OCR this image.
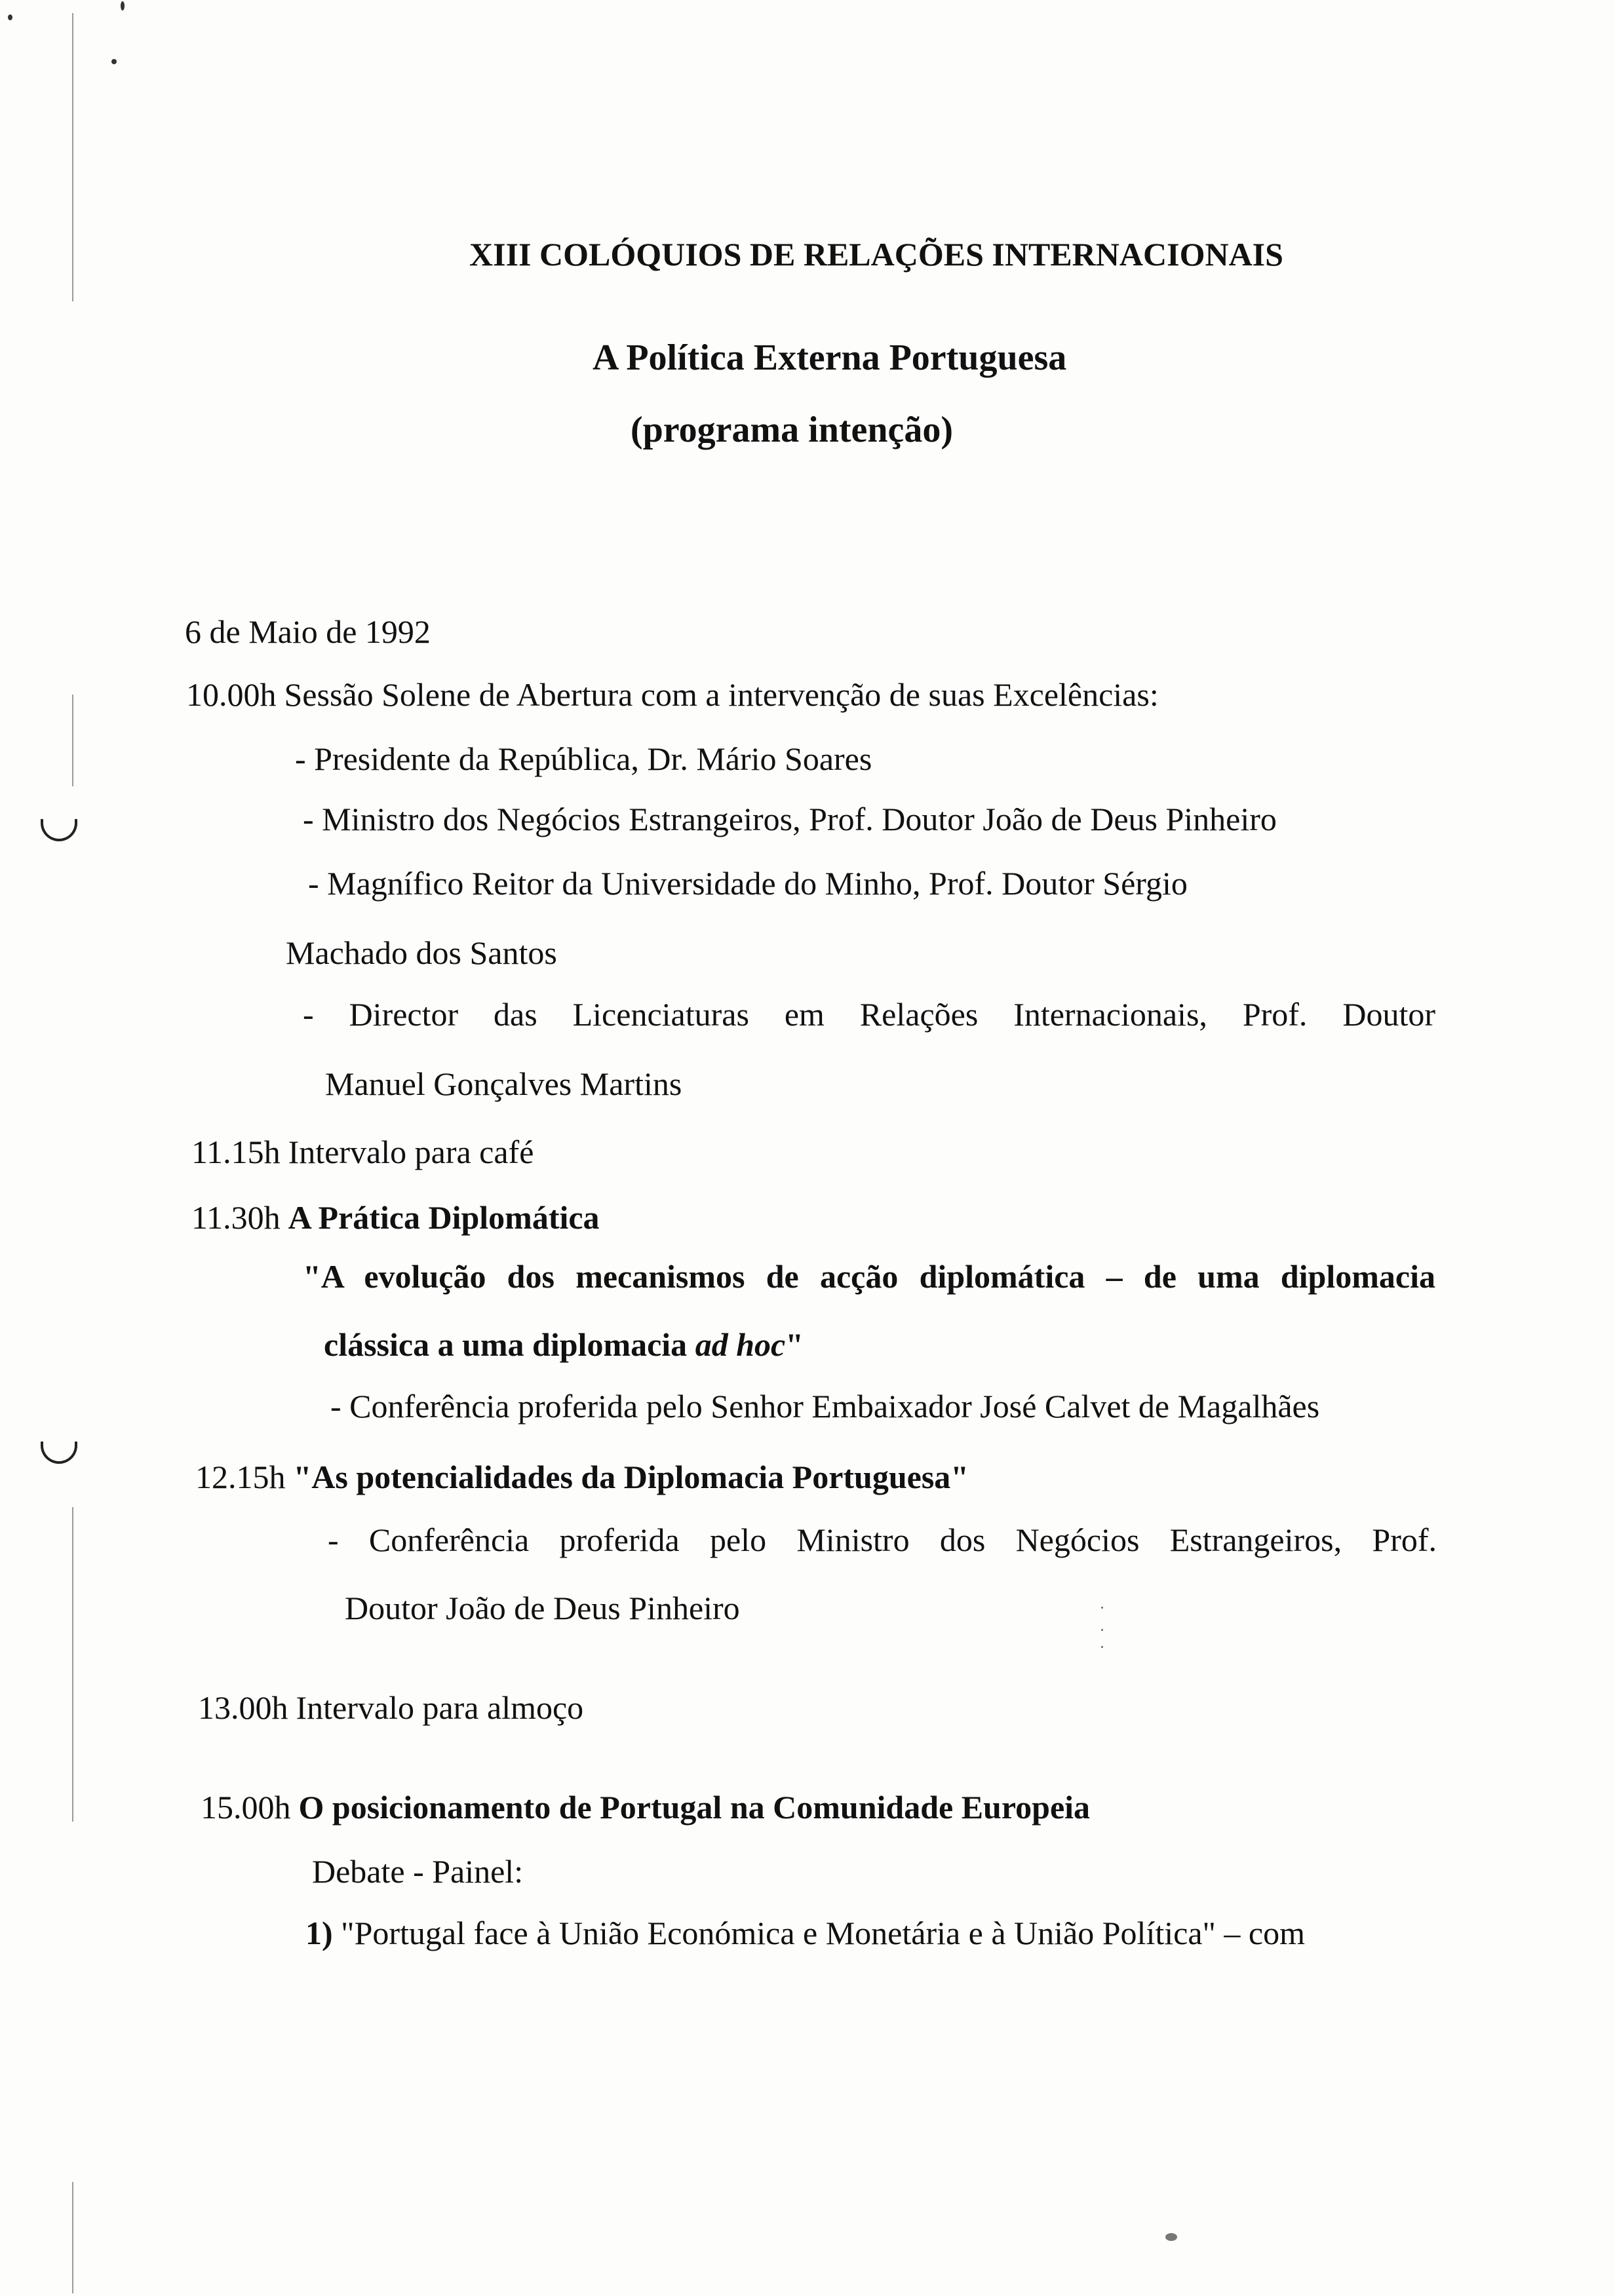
XIII COLÓQUIOS DE RELAÇÕES INTERNACIONAIS
A Política Externa Portuguesa
(programa intenção)
6 de Maio de 1992
10.00h Sessão Solene de Abertura com a intervenção de suas Excelências:
- Presidente da República, Dr. Mário Soares
- Ministro dos Negócios Estrangeiros, Prof. Doutor João de Deus Pinheiro
- Magnífico Reitor da Universidade do Minho, Prof. Doutor Sérgio
Machado dos Santos
- Director das Licenciaturas em Relações Internacionais, Prof. Doutor
Manuel Gonçalves Martins
11.15h Intervalo para café
11.30h A Prática Diplomática
"A evolução dos mecanismos de acção diplomática – de uma diplomacia
clássica a uma diplomacia ad hoc"
- Conferência proferida pelo Senhor Embaixador José Calvet de Magalhães
12.15h "As potencialidades da Diplomacia Portuguesa"
- Conferência proferida pelo Ministro dos Negócios Estrangeiros, Prof.
Doutor João de Deus Pinheiro
13.00h Intervalo para almoço
15.00h O posicionamento de Portugal na Comunidade Europeia
Debate - Painel:
1) "Portugal face à União Económica e Monetária e à União Política" – com
